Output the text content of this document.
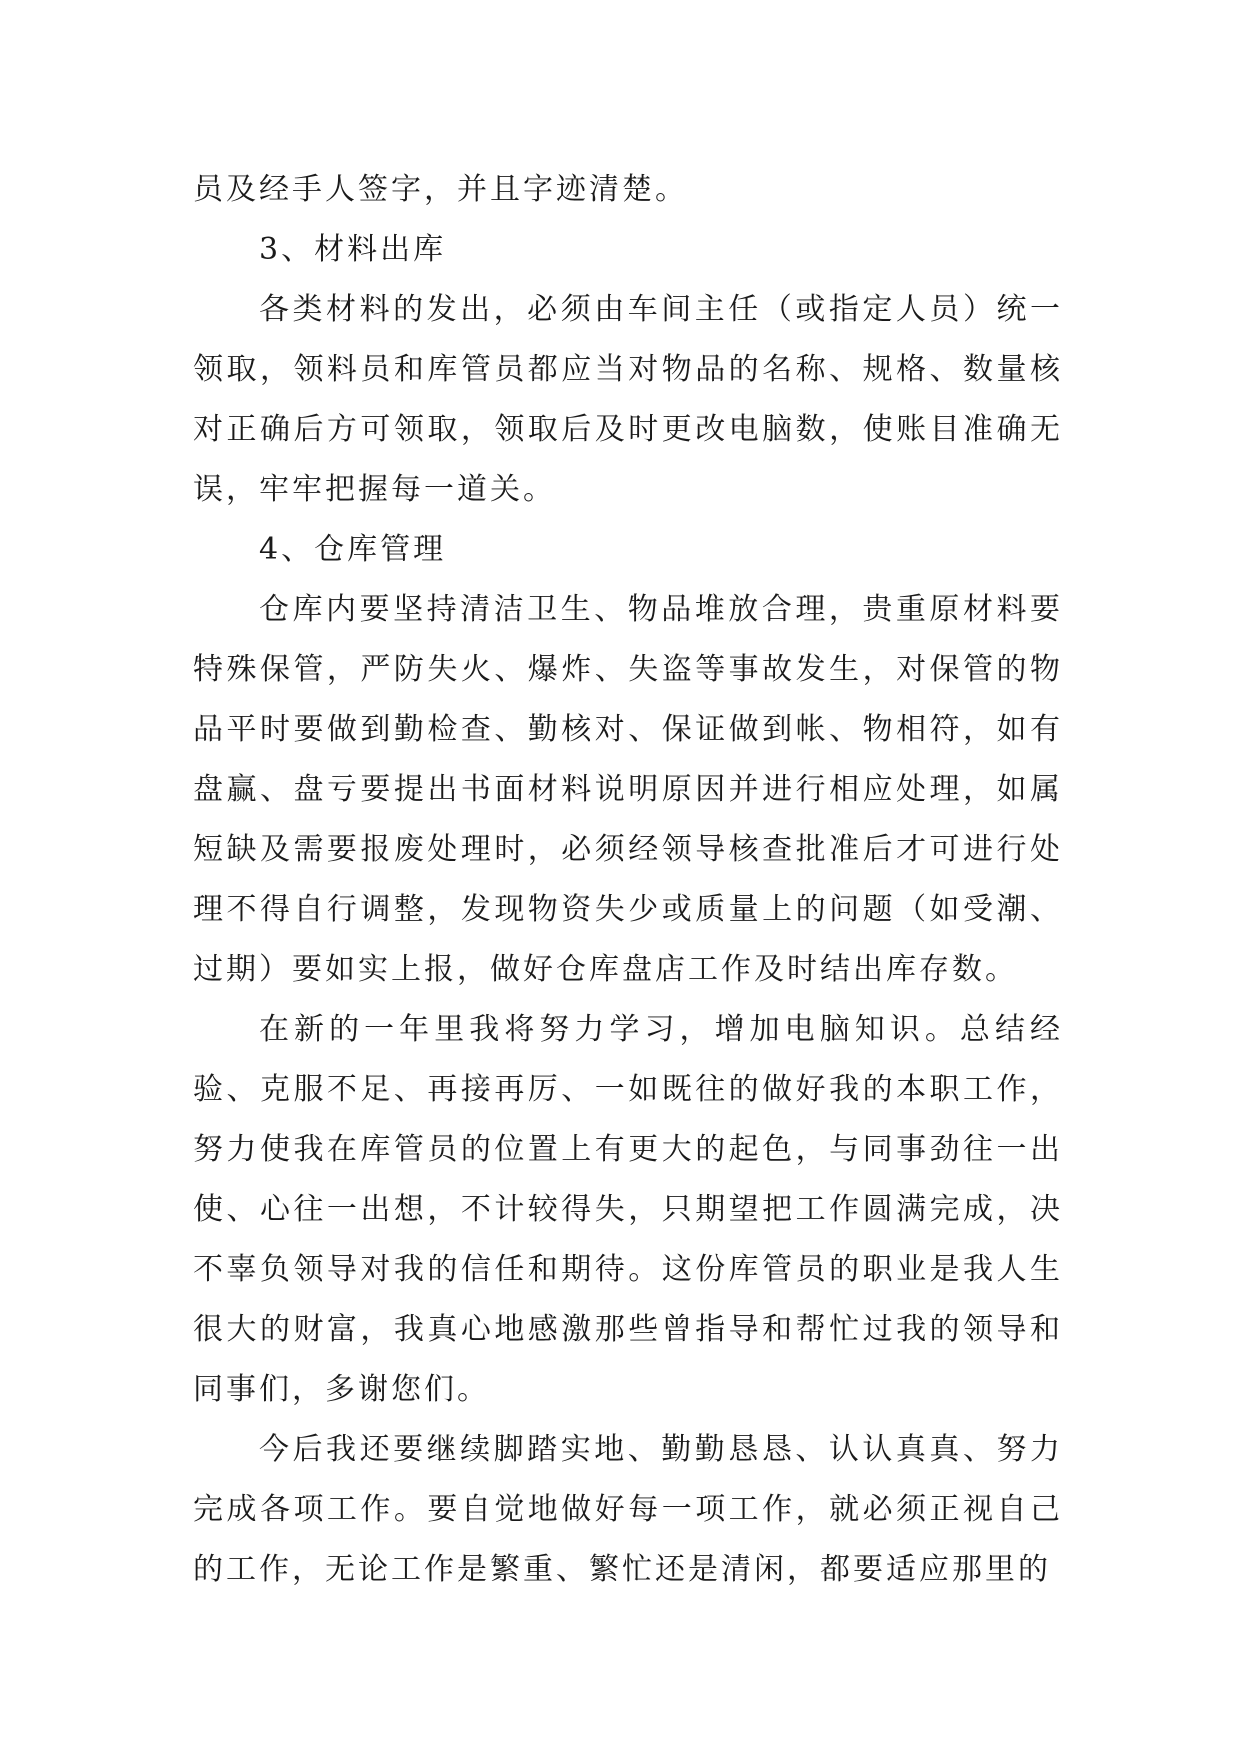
员及经手人签字，并且字迹清楚。

3、材料出库

各类材料的发出，必须由车间主任（或指定人员）统一领取，领料员和库管员都应当对物品的名称、规格、数量核对正确后方可领取，领取后及时更改电脑数，使账目准确无误，牢牢把握每一道关。

4、仓库管理

仓库内要坚持清洁卫生、物品堆放合理，贵重原材料要特殊保管，严防失火、爆炸、失盗等事故发生，对保管的物品平时要做到勤检查、勤核对、保证做到帐、物相符，如有盘赢、盘亏要提出书面材料说明原因并进行相应处理，如属短缺及需要报废处理时，必须经领导核查批准后才可进行处理不得自行调整，发现物资失少或质量上的问题（如受潮、过期）要如实上报，做好仓库盘店工作及时结出库存数。

在新的一年里我将努力学习，增加电脑知识。总结经验、克服不足、再接再厉、一如既往的做好我的本职工作，努力使我在库管员的位置上有更大的起色，与同事劲往一出使、心往一出想，不计较得失，只期望把工作圆满完成，决不辜负领导对我的信任和期待。这份库管员的职业是我人生很大的财富，我真心地感激那些曾指导和帮忙过我的领导和同事们，多谢您们。

今后我还要继续脚踏实地、勤勤恳恳、认认真真、努力完成各项工作。要自觉地做好每一项工作，就必须正视自己的工作，无论工作是繁重、繁忙还是清闲，都要适应那里的
